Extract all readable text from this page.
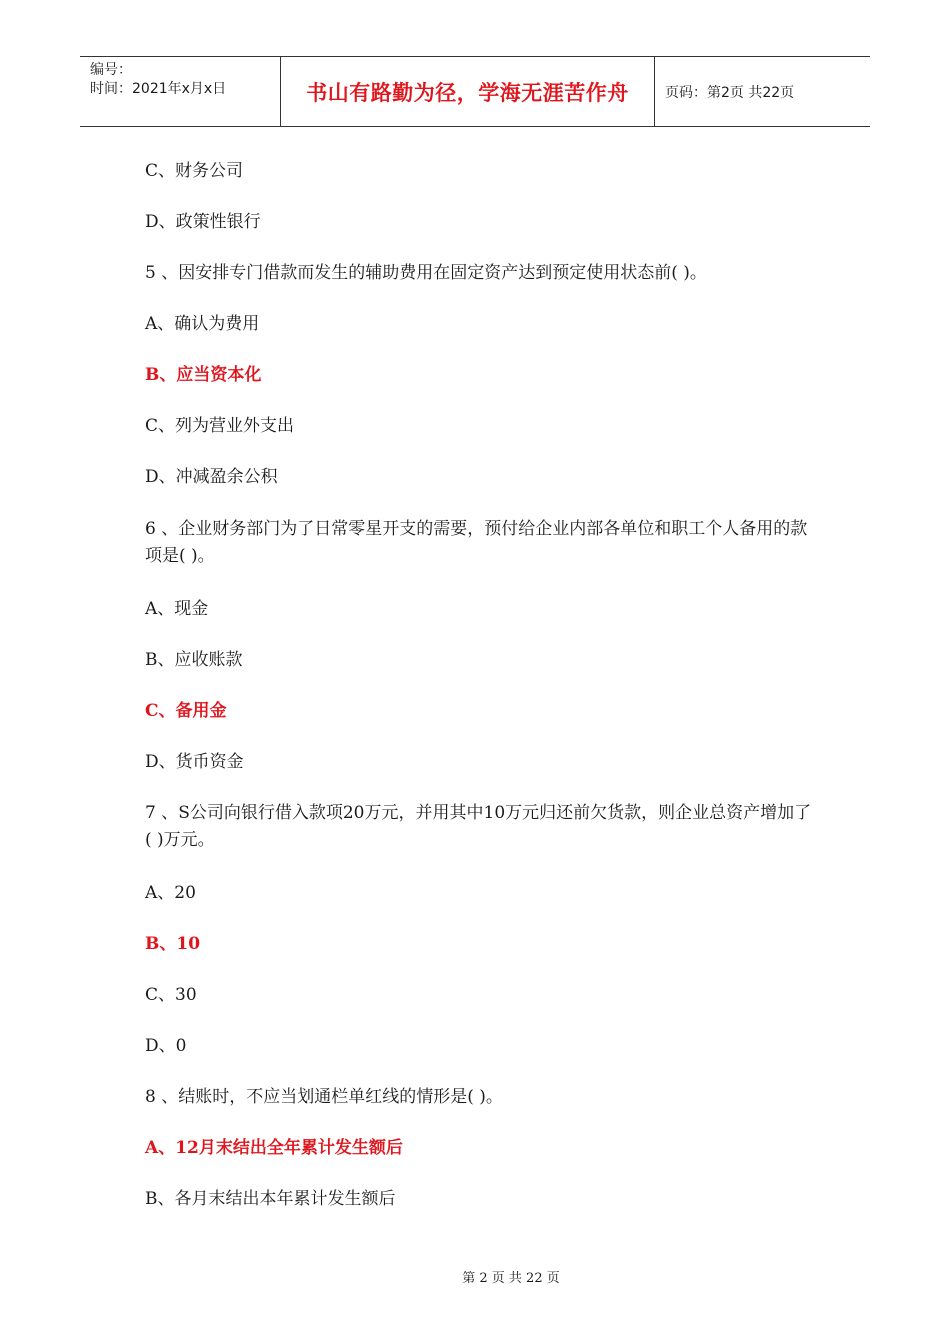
编号：
时间：2021年x月x日	书山有路勤为径，学海无涯苦作舟	页码：第2页 共22页
C、财务公司
D、政策性银行
5 、因安排专门借款而发生的辅助费用在固定资产达到预定使用状态前( )。
A、确认为费用
B、应当资本化
C、列为营业外支出
D、冲减盈余公积
6 、企业财务部门为了日常零星开支的需要，预付给企业内部各单位和职工个人备用的款项是( )。
A、现金
B、应收账款
C、备用金
D、货币资金
7 、S公司向银行借入款项20万元，并用其中10万元归还前欠货款，则企业总资产增加了( )万元。
A、20
B、10
C、30
D、0
8 、结账时，不应当划通栏单红线的情形是( )。
A、12月末结出全年累计发生额后
B、各月末结出本年累计发生额后
第 2 页 共 22 页
